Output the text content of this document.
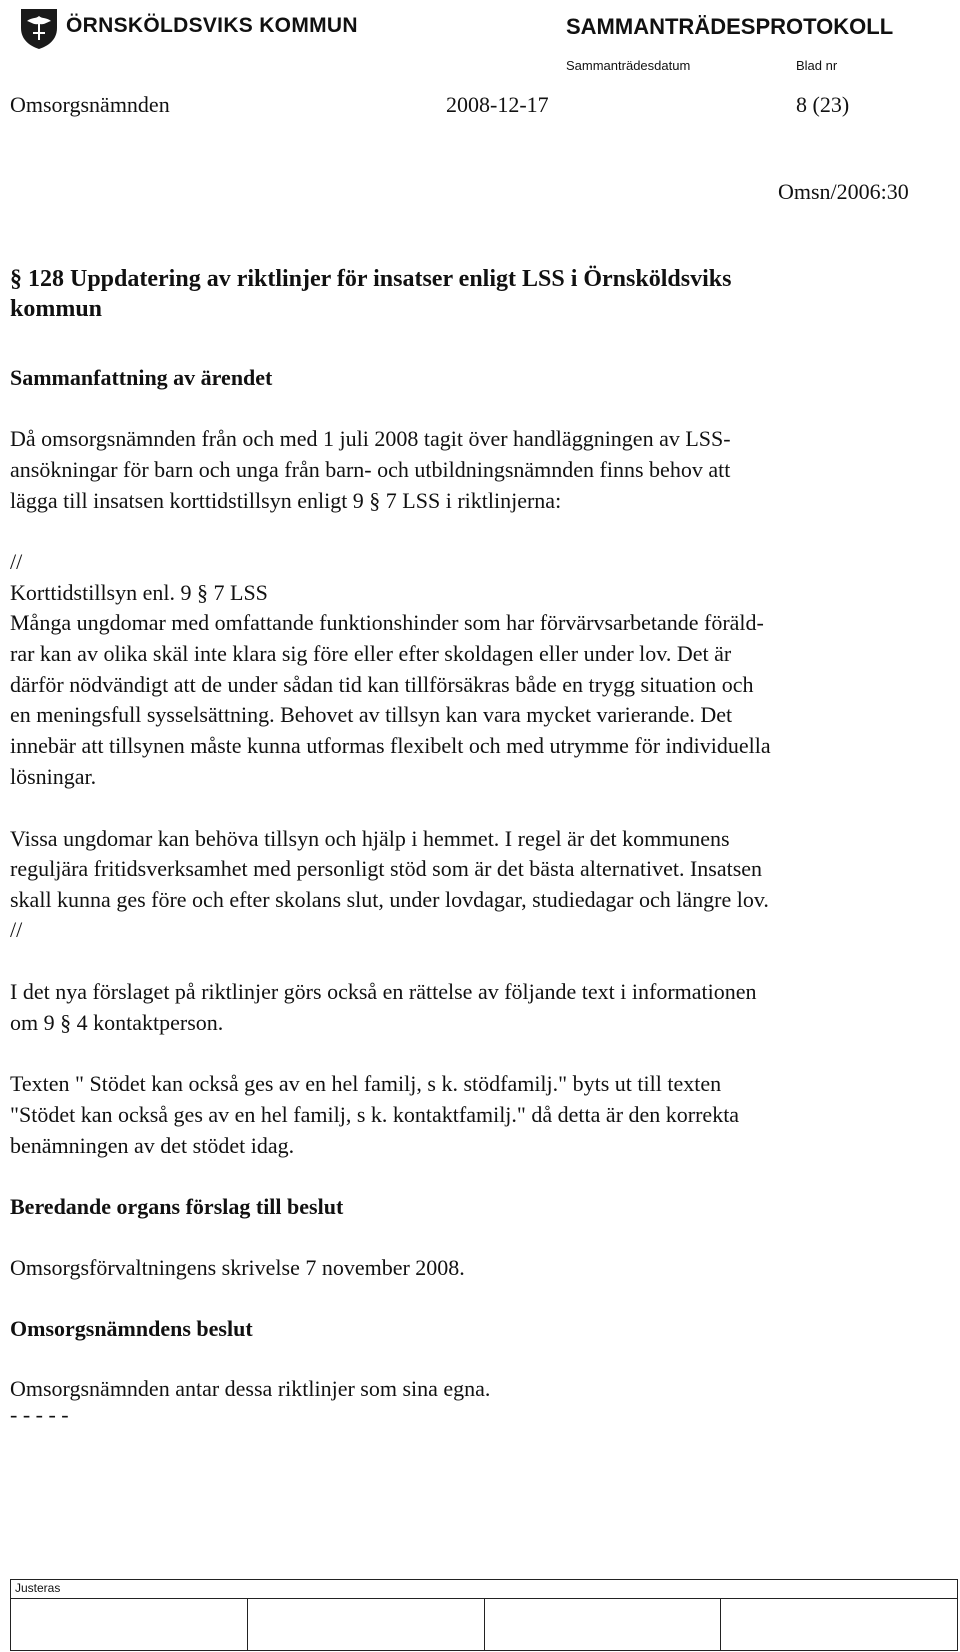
ÖRNSKÖLDSVIKS KOMMUN	SAMMANTRÄDESPROTOKOLL
Sammanträdesdatum	Blad nr
Omsorgsnämnden	2008-12-17	8 (23)
Omsn/2006:30
§ 128 Uppdatering av riktlinjer för insatser enligt LSS i Örnsköldsviks
kommun
Sammanfattning av ärendet
Då omsorgsnämnden från och med 1 juli 2008 tagit över handläggningen av LSS-
ansökningar för barn och unga från barn- och utbildningsnämnden finns behov att
lägga till insatsen korttidstillsyn enligt 9 § 7 LSS i riktlinjerna:
//
Korttidstillsyn enl. 9 § 7 LSS
Många ungdomar med omfattande funktionshinder som har förvärvsarbetande föräld-
rar kan av olika skäl inte klara sig före eller efter skoldagen eller under lov. Det är
därför nödvändigt att de under sådan tid kan tillförsäkras både en trygg situation och
en meningsfull sysselsättning. Behovet av tillsyn kan vara mycket varierande. Det
innebär att tillsynen måste kunna utformas flexibelt och med utrymme för individuella
lösningar.
Vissa ungdomar kan behöva tillsyn och hjälp i hemmet. I regel är det kommunens
reguljära fritidsverksamhet med personligt stöd som är det bästa alternativet. Insatsen
skall kunna ges före och efter skolans slut, under lovdagar, studiedagar och längre lov.
//
I det nya förslaget på riktlinjer görs också en rättelse av följande text i informationen
om 9 § 4 kontaktperson.
Texten " Stödet kan också ges av en hel familj, s k. stödfamilj." byts ut till texten
"Stödet kan också ges av en hel familj, s k. kontaktfamilj." då detta är den korrekta
benämningen av det stödet idag.
Beredande organs förslag till beslut
Omsorgsförvaltningens skrivelse 7 november 2008.
Omsorgsnämndens beslut
Omsorgsnämnden antar dessa riktlinjer som sina egna.
- - - - -
Justeras
